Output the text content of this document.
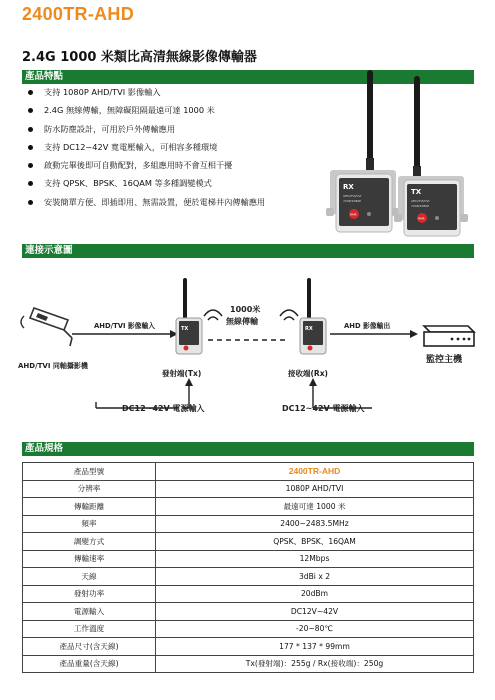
2400TR-AHD
2.4G 1000 米類比高清無線影像傳輸器
產品特點
支持 1080P AHD/TVI 影像輸入
2.4G 無線傳輸，無障礙阻隔最遠可達 1000 米
防水防塵設計，可用於戶外傳輸應用
支持 DC12~42V 寬電壓輸入，可相容多種環境
啟動完畢後即可自動配對，多組應用時不會互相干擾
支持 QPSK、BPSK、16QAM 等多種調變模式
安裝簡單方便、即插即用、無需設置，便於電梯井內傳輸應用
RX
AHD/TVI/CVI
720P/1080P
PAIR
TX
AHD/TVI/CVI
720P/1080P
PAIR
連接示意圖
AHD/TVI 同軸攝影機
AHD/TVI 影像輸入	TX
發射端(Tx)
1000米
無線傳輸
RX
接收端(Rx)
AHD 影像輸出
監控主機
DC12~42V 電源輸入	DC12~42V 電源輸入
產品規格
產品型號	2400TR-AHD
分辨率	1080P AHD/TVI
傳輸距離	最遠可達 1000 米
頻率	2400~2483.5MHz
調變方式	QPSK、BPSK、16QAM
傳輸速率	12Mbps
天線	3dBi x 2
發射功率	20dBm
電源輸入	DC12V~42V
工作溫度	-20~80℃
產品尺寸(含天線)	177 * 137 * 99mm
產品重量(含天線)	Tx(發射端)：255g / Rx(接收端)：250g
